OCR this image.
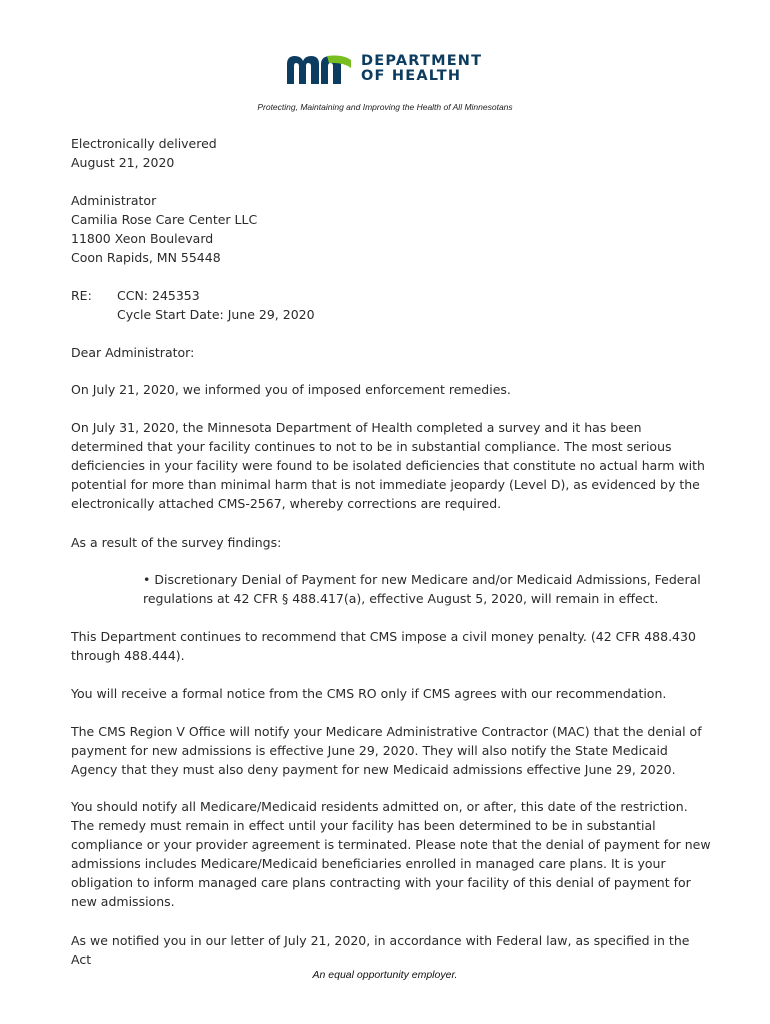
DEPARTMENT
OF HEALTH
Protecting, Maintaining and Improving the Health of All Minnesotans
Electronically delivered
August 21, 2020
Administrator
Camilia Rose Care Center LLC
11800 Xeon Boulevard
Coon Rapids, MN 55448
RE: CCN: 245353
Cycle Start Date: June 29, 2020
Dear Administrator:

On July 21, 2020, we informed you of imposed enforcement remedies.

On July 31, 2020, the Minnesota Department of Health completed a survey and it has been determined that your facility continues to not to be in substantial compliance. The most serious deficiencies in your facility were found to be isolated deficiencies that constitute no actual harm with potential for more than minimal harm that is not immediate jeopardy (Level D), as evidenced by the electronically attached CMS-2567, whereby corrections are required.

As a result of the survey findings:

• Discretionary Denial of Payment for new Medicare and/or Medicaid Admissions, Federal regulations at 42 CFR § 488.417(a), effective August 5, 2020, will remain in effect.

This Department continues to recommend that CMS impose a civil money penalty. (42 CFR 488.430 through 488.444).

You will receive a formal notice from the CMS RO only if CMS agrees with our recommendation.

The CMS Region V Office will notify your Medicare Administrative Contractor (MAC) that the denial of payment for new admissions is effective June 29, 2020. They will also notify the State Medicaid Agency that they must also deny payment for new Medicaid admissions effective June 29, 2020.

You should notify all Medicare/Medicaid residents admitted on, or after, this date of the restriction. The remedy must remain in effect until your facility has been determined to be in substantial compliance or your provider agreement is terminated. Please note that the denial of payment for new admissions includes Medicare/Medicaid beneficiaries enrolled in managed care plans. It is your obligation to inform managed care plans contracting with your facility of this denial of payment for new admissions.

As we notified you in our letter of July 21, 2020, in accordance with Federal law, as specified in the Act

An equal opportunity employer.
